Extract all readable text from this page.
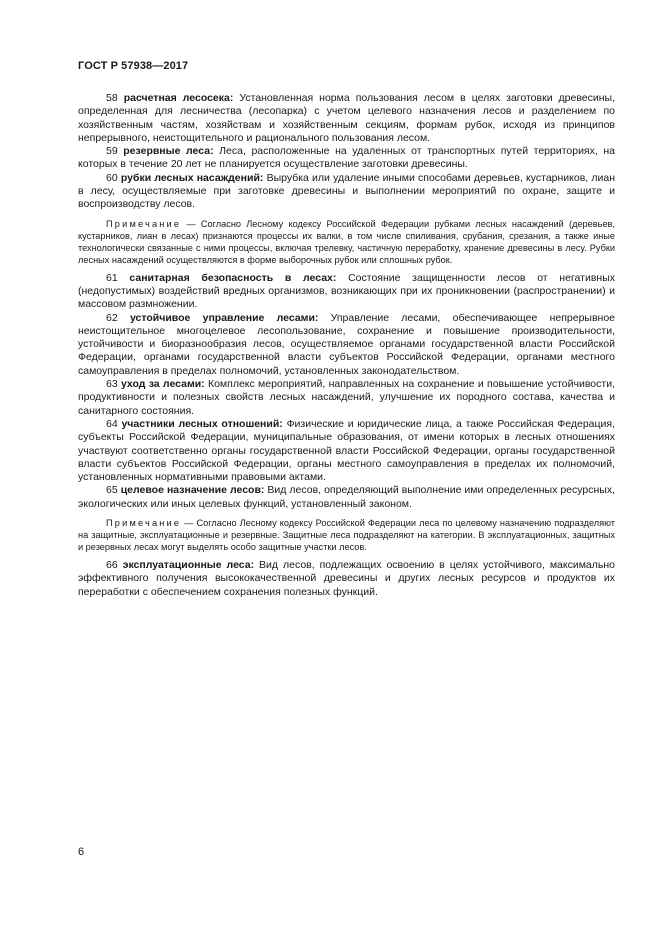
ГОСТ Р 57938—2017

58 расчетная лесосека: Установленная норма пользования лесом в целях заготовки древесины, определенная для лесничества (лесопарка) с учетом целевого назначения лесов и разделением по хозяйственным частям, хозяйствам и хозяйственным секциям, формам рубок, исходя из принципов непрерывного, неистощительного и рационального пользования лесом.

59 резервные леса: Леса, расположенные на удаленных от транспортных путей территориях, на которых в течение 20 лет не планируется осуществление заготовки древесины.

60 рубки лесных насаждений: Вырубка или удаление иными способами деревьев, кустарников, лиан в лесу, осуществляемые при заготовке древесины и выполнении мероприятий по охране, защите и воспроизводству лесов.

Примечание — Согласно Лесному кодексу Российской Федерации рубками лесных насаждений (деревьев, кустарников, лиан в лесах) признаются процессы их валки, в том числе спиливания, срубания, срезания, а также иные технологически связанные с ними процессы, включая трелевку, частичную переработку, хранение древесины в лесу. Рубки лесных насаждений осуществляются в форме выборочных рубок или сплошных рубок.

61 санитарная безопасность в лесах: Состояние защищенности лесов от негативных (недопустимых) воздействий вредных организмов, возникающих при их проникновении (распространении) и массовом размножении.

62 устойчивое управление лесами: Управление лесами, обеспечивающее непрерывное неистощительное многоцелевое лесопользование, сохранение и повышение производительности, устойчивости и биоразнообразия лесов, осуществляемое органами государственной власти Российской Федерации, органами государственной власти субъектов Российской Федерации, органами местного самоуправления в пределах полномочий, установленных законодательством.

63 уход за лесами: Комплекс мероприятий, направленных на сохранение и повышение устойчивости, продуктивности и полезных свойств лесных насаждений, улучшение их породного состава, качества и санитарного состояния.

64 участники лесных отношений: Физические и юридические лица, а также Российская Федерация, субъекты Российской Федерации, муниципальные образования, от имени которых в лесных отношениях участвуют соответственно органы государственной власти Российской Федерации, органы государственной власти субъектов Российской Федерации, органы местного самоуправления в пределах их полномочий, установленных нормативными правовыми актами.

65 целевое назначение лесов: Вид лесов, определяющий выполнение ими определенных ресурсных, экологических или иных целевых функций, установленный законом.

Примечание — Согласно Лесному кодексу Российской Федерации леса по целевому назначению подразделяют на защитные, эксплуатационные и резервные. Защитные леса подразделяют на категории. В эксплуатационных, защитных и резервных лесах могут выделять особо защитные участки лесов.

66 эксплуатационные леса: Вид лесов, подлежащих освоению в целях устойчивого, максимально эффективного получения высококачественной древесины и других лесных ресурсов и продуктов их переработки с обеспечением сохранения полезных функций.

6
